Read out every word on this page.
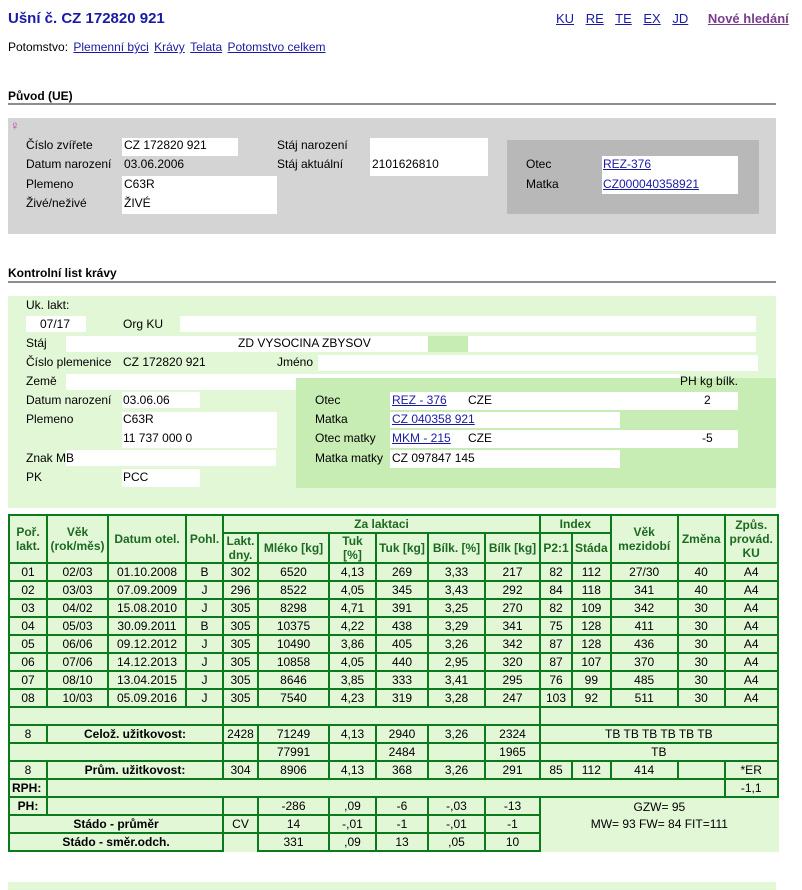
Ušní č. CZ 172820 921	KU RE TE EX JD Nové hledání
Potomstvo: Plemenní býci Krávy Telata Potomstvo celkem
Původ (UE)
♀
Číslo zvířete	CZ 172820 921
Datum narození 03.06.2006
Plemeno	C63R
Živé/neživé	ŽIVÉ
Stáj narození
Stáj aktuální 2101626810	Otec	REZ-376
Matka	CZ000040358921
Kontrolní list krávy
Uk. lakt:
07/17	Org KU
Stáj	ZD VYSOCINA ZBYSOV
Číslo plemenice CZ 172820 921	Jméno
Země	PH kg bílk.
Datum narození 03.06.06
Plemeno	C63R
11 737 000 0
Znak MB
PK	PCC
Otec	REZ - 376 CZE	2
Matka	CZ 040358 921
Otec matky MKM - 215 CZE	-5
Matka matky CZ 097847 145
Poř. lakt.	Věk (rok/měs)	Datum otel.	Pohl.	Za laktaci						Index		Věk mezidobí	Změna	Způs. provád. KU
				Lakt. dny.	Mléko [kg]	Tuk [%]	Tuk [kg]	Bílk. [%]	Bílk [kg]	P2:1	Stáda			
01	02/03	01.10.2008	B	302	6520	4,13	269	3,33	217	82	112	27/30	40	A4
02	03/03	07.09.2009	J	296	8522	4,05	345	3,43	292	84	118	341	40	A4
03	04/02	15.08.2010	J	305	8298	4,71	391	3,25	270	82	109	342	30	A4
04	05/03	30.09.2011	B	305	10375	4,22	438	3,29	341	75	128	411	30	A4
05	06/06	09.12.2012	J	305	10490	3,86	405	3,26	342	87	128	436	30	A4
06	07/06	14.12.2013	J	305	10858	4,05	440	2,95	320	87	107	370	30	A4
07	08/10	13.04.2015	J	305	8646	3,85	333	3,41	295	76	99	485	30	A4
08	10/03	05.09.2016	J	305	7540	4,23	319	3,28	247	103	92	511	30	A4

8	Celož. užitkovost:			2428	71249	4,13	2940	3,26	2324	TB TB TB TB TB TB				
					77991		2484		1965	TB				
8	Prům. užitkovost:			304	8906	4,13	368	3,26	291	85	112	414		*ER
RPH:														-1,1
PH:					-286	,09	-6	-,03	-13	GZW= 95				
Stádo - průměr				CV	14	-,01	-1	-,01	-1	MW= 93 FW= 84 FIT=111				
Stádo - směr.odch.					331	,09	13	,05	10					
